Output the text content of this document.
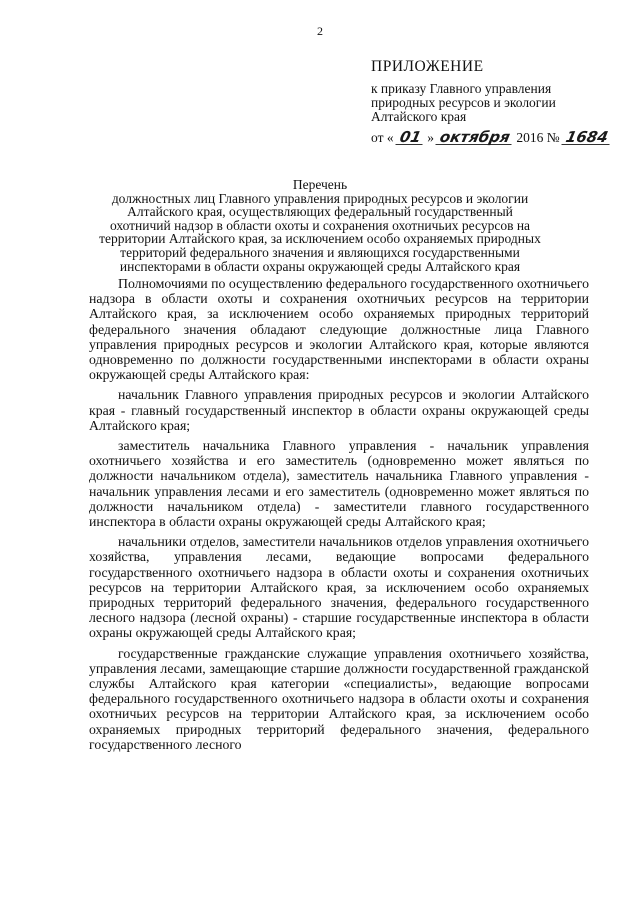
2
ПРИЛОЖЕНИЕ
к приказу Главного управления
природных ресурсов и экологии
Алтайского края
от « 01 » октября 2016 № 1684
Перечень
должностных лиц Главного управления природных ресурсов и экологии
Алтайского края, осуществляющих федеральный государственный
охотничий надзор в области охоты и сохранения охотничьих ресурсов на
территории Алтайского края, за исключением особо охраняемых природных
территорий федерального значения и являющихся государственными
инспекторами в области охраны окружающей среды Алтайского края

Полномочиями по осуществлению федерального государственного охотничьего надзора в области охоты и сохранения охотничьих ресурсов на территории Алтайского края, за исключением особо охраняемых природных территорий федерального значения обладают следующие должностные лица Главного управления природных ресурсов и экологии Алтайского края, которые являются одновременно по должности государственными инспекторами в области охраны окружающей среды Алтайского края:

начальник Главного управления природных ресурсов и экологии Алтайского края - главный государственный инспектор в области охраны окружающей среды Алтайского края;

заместитель начальника Главного управления - начальник управления охотничьего хозяйства и его заместитель (одновременно может являться по должности начальником отдела), заместитель начальника Главного управления - начальник управления лесами и его заместитель (одновременно может являться по должности начальником отдела) - заместители главного государственного инспектора в области охраны окружающей среды Алтайского края;

начальники отделов, заместители начальников отделов управления охотничьего хозяйства, управления лесами, ведающие вопросами федерального государственного охотничьего надзора в области охоты и сохранения охотничьих ресурсов на территории Алтайского края, за исключением особо охраняемых природных территорий федерального значения, федерального государственного лесного надзора (лесной охраны) - старшие государственные инспектора в области охраны окружающей среды Алтайского края;

государственные гражданские служащие управления охотничьего хозяйства, управления лесами, замещающие старшие должности государственной гражданской службы Алтайского края категории «специалисты», ведающие вопросами федерального государственного охотничьего надзора в области охоты и сохранения охотничьих ресурсов на территории Алтайского края, за исключением особо охраняемых природных территорий федерального значения, федерального государственного лесного
